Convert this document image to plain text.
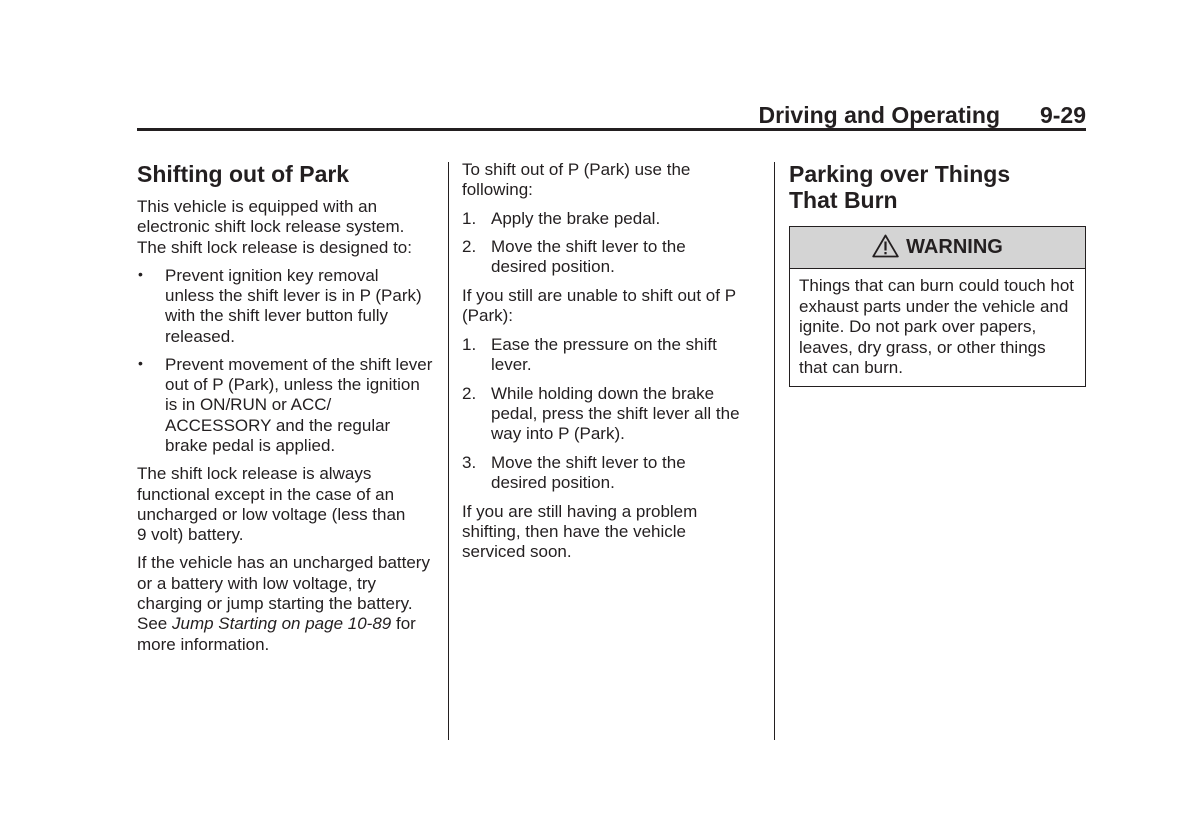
Driving and Operating 9-29
Shifting out of Park

This vehicle is equipped with an electronic shift lock release system. The shift lock release is designed to:

• Prevent ignition key removal unless the shift lever is in P (Park) with the shift lever button fully released.
• Prevent movement of the shift lever out of P (Park), unless the ignition is in ON/RUN or ACC/ ACCESSORY and the regular brake pedal is applied.

The shift lock release is always functional except in the case of an uncharged or low voltage (less than 9 volt) battery.

If the vehicle has an uncharged battery or a battery with low voltage, try charging or jump starting the battery. See Jump Starting on page 10-89 for more information.

To shift out of P (Park) use the following:

1. Apply the brake pedal.
2. Move the shift lever to the desired position.

If you still are unable to shift out of P (Park):

1. Ease the pressure on the shift lever.
2. While holding down the brake pedal, press the shift lever all the way into P (Park).
3. Move the shift lever to the desired position.

If you are still having a problem shifting, then have the vehicle serviced soon.

Parking over Things That Burn
WARNING
Things that can burn could touch hot exhaust parts under the vehicle and ignite. Do not park over papers, leaves, dry grass, or other things that can burn.
